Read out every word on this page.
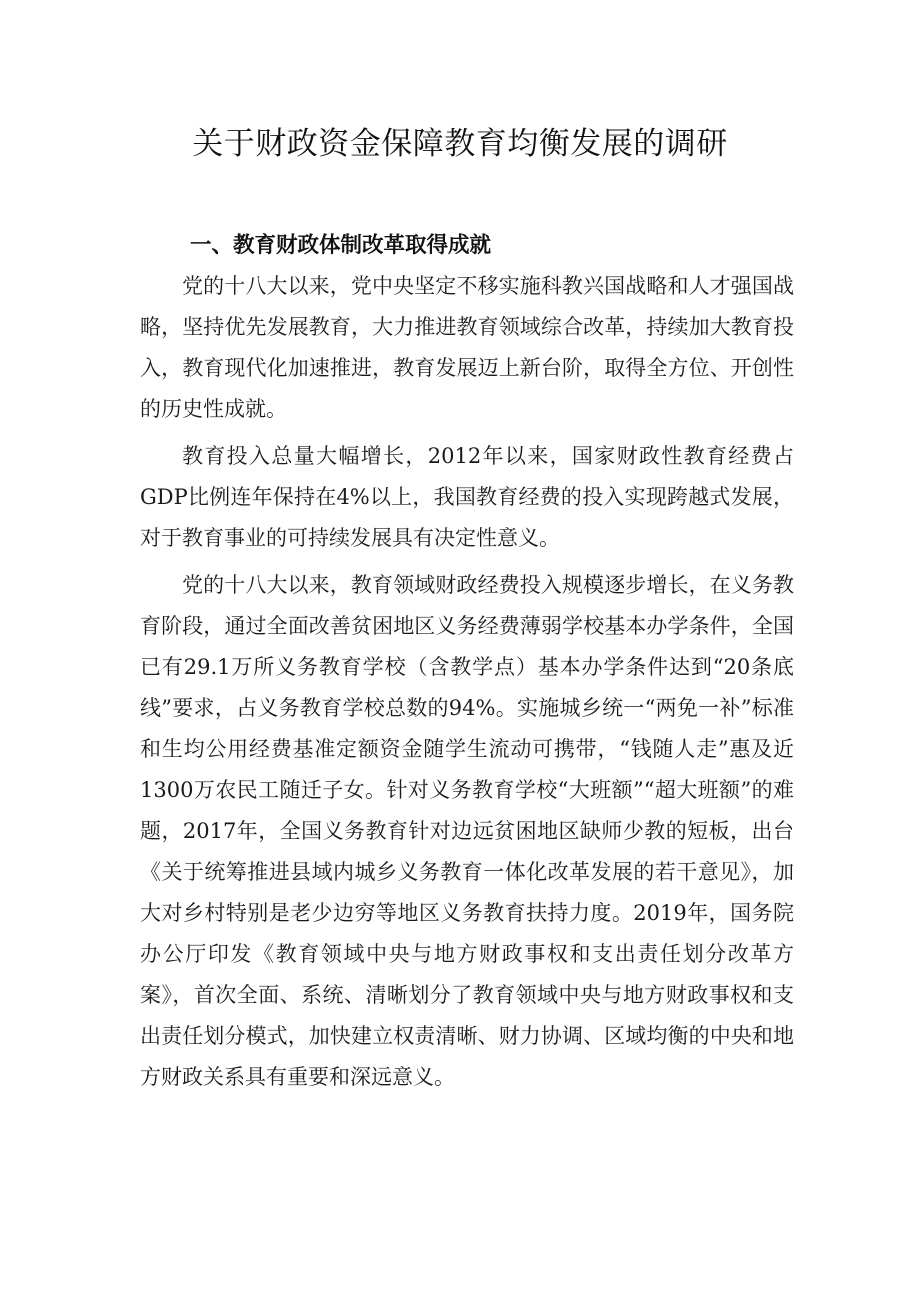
关于财政资金保障教育均衡发展的调研
一、教育财政体制改革取得成就

党的十八大以来，党中央坚定不移实施科教兴国战略和人才强国战略，坚持优先发展教育，大力推进教育领域综合改革，持续加大教育投入，教育现代化加速推进，教育发展迈上新台阶，取得全方位、开创性的历史性成就。

教育投入总量大幅增长，2012年以来，国家财政性教育经费占GDP比例连年保持在4%以上，我国教育经费的投入实现跨越式发展，对于教育事业的可持续发展具有决定性意义。

党的十八大以来，教育领域财政经费投入规模逐步增长，在义务教育阶段，通过全面改善贫困地区义务经费薄弱学校基本办学条件，全国已有29.1万所义务教育学校（含教学点）基本办学条件达到“20条底线”要求，占义务教育学校总数的94%。实施城乡统一“两免一补”标准和生均公用经费基准定额资金随学生流动可携带，“钱随人走”惠及近1300万农民工随迁子女。针对义务教育学校“大班额”“超大班额”的难题，2017年，全国义务教育针对边远贫困地区缺师少教的短板，出台《关于统筹推进县域内城乡义务教育一体化改革发展的若干意见》，加大对乡村特别是老少边穷等地区义务教育扶持力度。2019年，国务院办公厅印发《教育领域中央与地方财政事权和支出责任划分改革方案》，首次全面、系统、清晰划分了教育领域中央与地方财政事权和支出责任划分模式，加快建立权责清晰、财力协调、区域均衡的中央和地方财政关系具有重要和深远意义。
